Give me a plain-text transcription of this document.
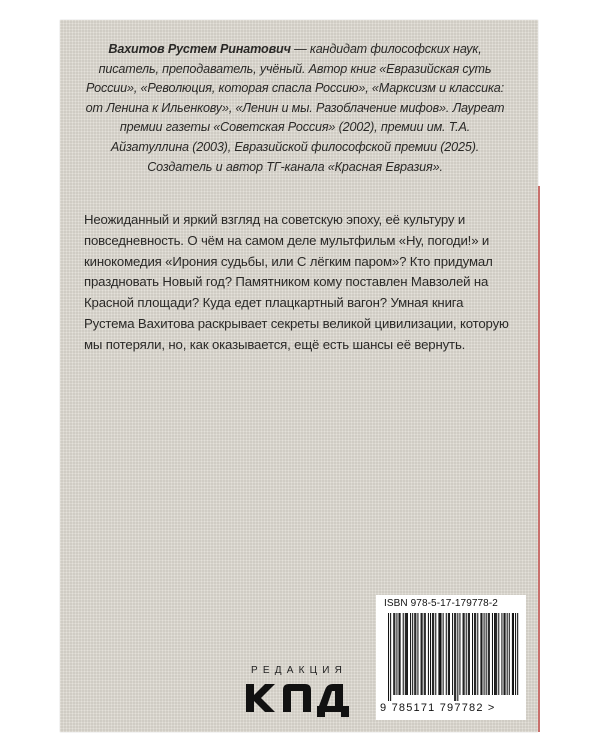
Вахитов Рустем Ринатович — кандидат философских наук, писатель, преподаватель, учёный. Автор книг «Евразийская суть России», «Революция, которая спасла Россию», «Марксизм и классика: от Ленина к Ильенкову», «Ленин и мы. Разоблачение мифов». Лауреат премии газеты «Советская Россия» (2002), премии им. Т.А. Айзатуллина (2003), Евразийской философской премии (2025). Создатель и автор ТГ-канала «Красная Евразия».

Неожиданный и яркий взгляд на советскую эпоху, её культуру и повседневность. О чём на самом деле мультфильм «Ну, погоди!» и кинокомедия «Ирония судьбы, или С лёгким паром»? Кто придумал праздновать Новый год? Памятником кому поставлен Мавзолей на Красной площади? Куда едет плацкартный вагон? Умная книга Рустема Вахитова раскрывает секреты великой цивилизации, которую мы потеряли, но, как оказывается, ещё есть шансы её вернуть.

РЕДАКЦИЯ
ISBN 978-5-17-179778-2
9 785171 797782 >
